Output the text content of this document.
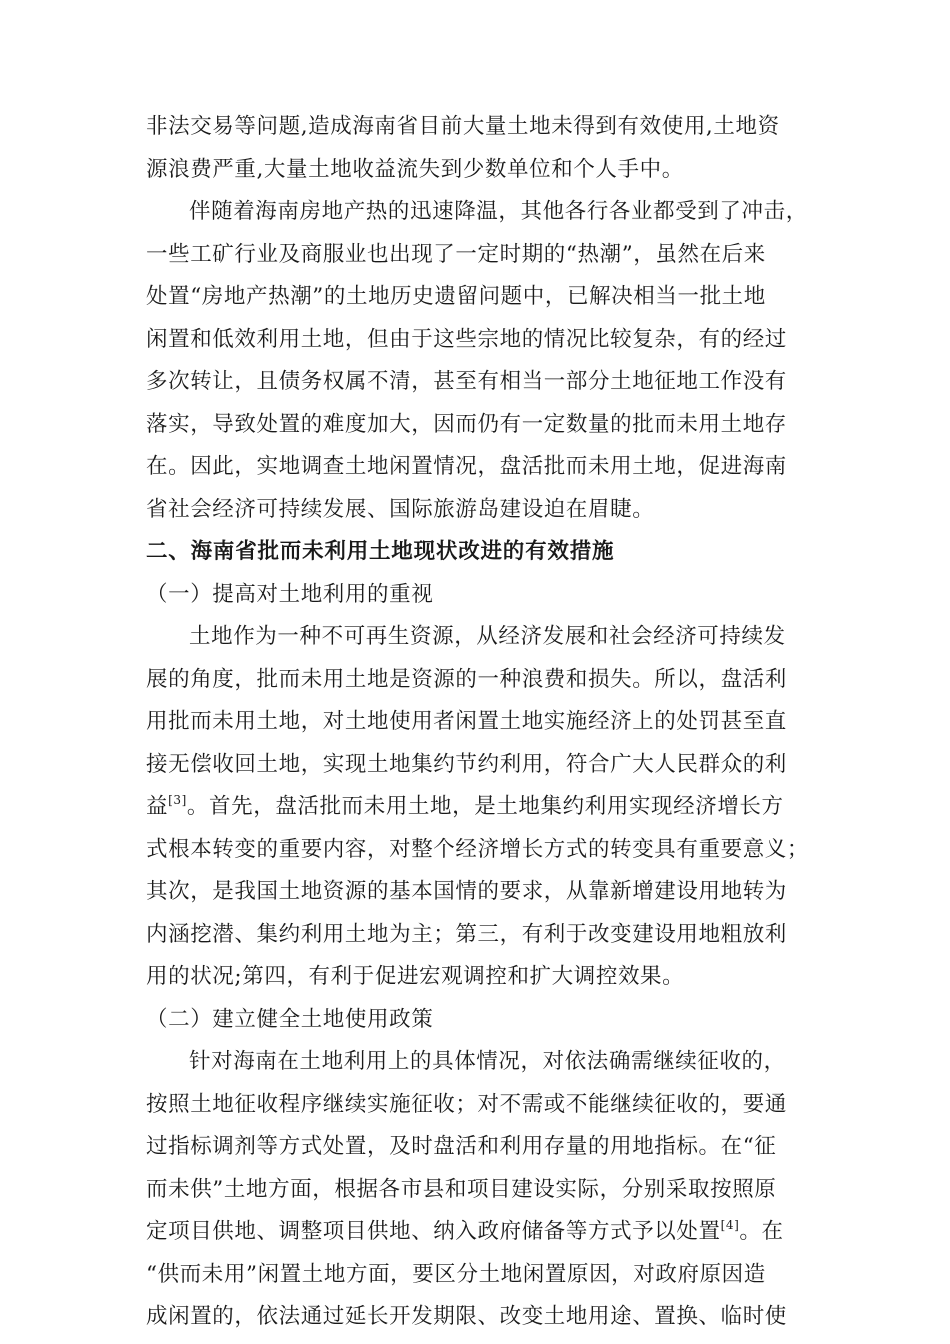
非法交易等问题,造成海南省目前大量土地未得到有效使用,土地资
源浪费严重,大量土地收益流失到少数单位和个人手中。
伴随着海南房地产热的迅速降温，其他各行各业都受到了冲击，
一些工矿行业及商服业也出现了一定时期的“热潮”，虽然在后来
处置“房地产热潮”的土地历史遗留问题中，已解决相当一批土地
闲置和低效利用土地，但由于这些宗地的情况比较复杂，有的经过
多次转让，且债务权属不清，甚至有相当一部分土地征地工作没有
落实，导致处置的难度加大，因而仍有一定数量的批而未用土地存
在。因此，实地调查土地闲置情况，盘活批而未用土地，促进海南
省社会经济可持续发展、国际旅游岛建设迫在眉睫。
二、海南省批而未利用土地现状改进的有效措施
（一）提高对土地利用的重视
土地作为一种不可再生资源，从经济发展和社会经济可持续发
展的角度，批而未用土地是资源的一种浪费和损失。所以，盘活利
用批而未用土地，对土地使用者闲置土地实施经济上的处罚甚至直
接无偿收回土地，实现土地集约节约利用，符合广大人民群众的利
益[3]。首先，盘活批而未用土地，是土地集约利用实现经济增长方
式根本转变的重要内容，对整个经济增长方式的转变具有重要意义；
其次，是我国土地资源的基本国情的要求，从靠新增建设用地转为
内涵挖潜、集约利用土地为主；第三，有利于改变建设用地粗放利
用的状况;第四，有利于促进宏观调控和扩大调控效果。
（二）建立健全土地使用政策
针对海南在土地利用上的具体情况，对依法确需继续征收的，
按照土地征收程序继续实施征收；对不需或不能继续征收的，要通
过指标调剂等方式处置，及时盘活和利用存量的用地指标。在“征
而未供”土地方面，根据各市县和项目建设实际，分别采取按照原
定项目供地、调整项目供地、纳入政府储备等方式予以处置[4]。在
“供而未用”闲置土地方面，要区分土地闲置原因，对政府原因造
成闲置的，依法通过延长开发期限、改变土地用途、置换、临时使
